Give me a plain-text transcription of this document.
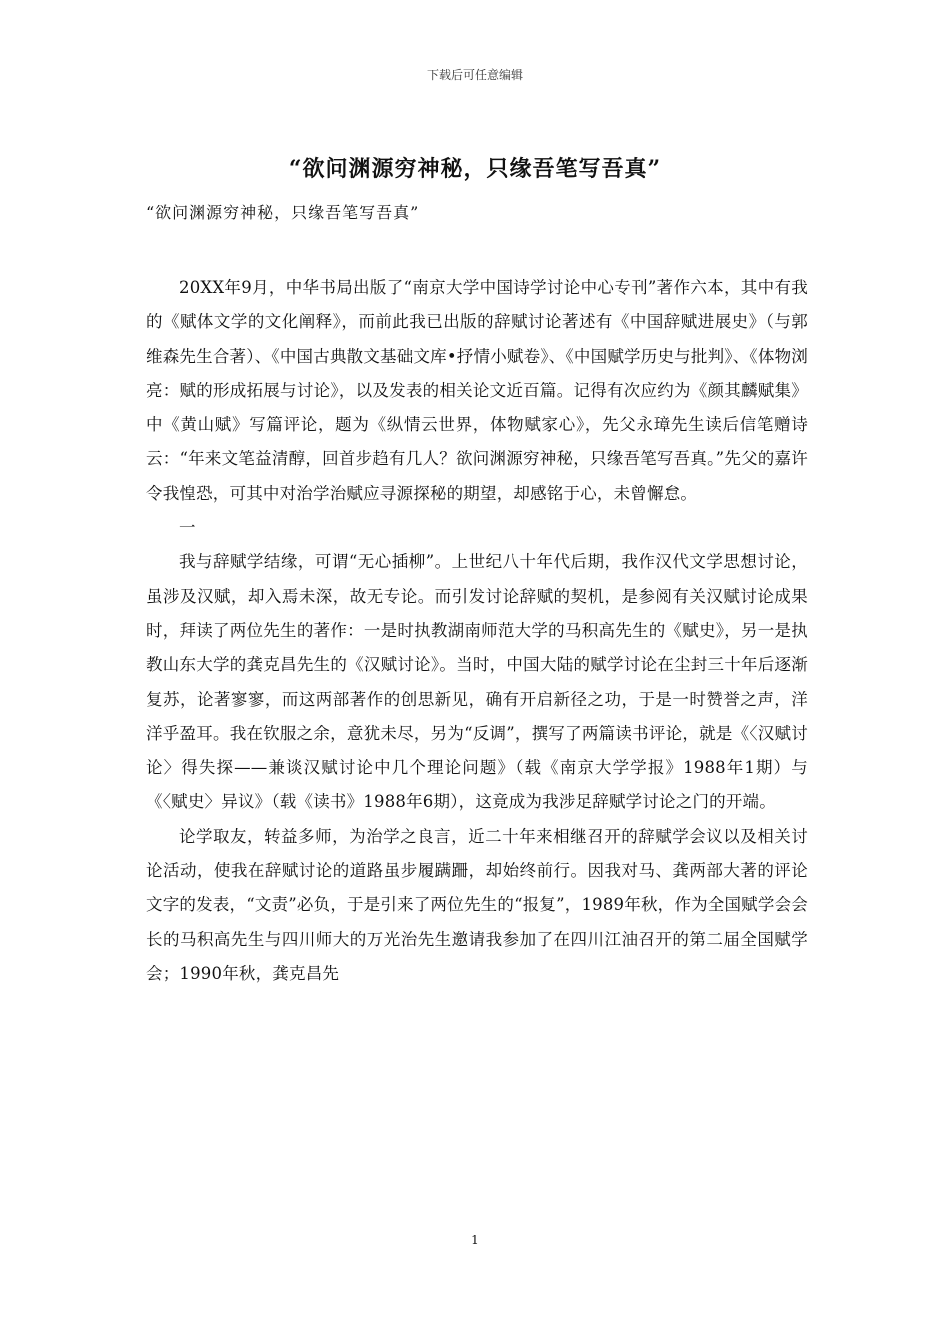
下载后可任意编辑
“欲问渊源穷神秘，只缘吾笔写吾真”
“欲问渊源穷神秘，只缘吾笔写吾真”

20XX年9月，中华书局出版了“南京大学中国诗学讨论中心专刊”著作六本，其中有我的《赋体文学的文化阐释》，而前此我已出版的辞赋讨论著述有《中国辞赋进展史》（与郭维森先生合著）、《中国古典散文基础文库•抒情小赋卷》、《中国赋学历史与批判》、《体物浏亮：赋的形成拓展与讨论》，以及发表的相关论文近百篇。记得有次应约为《颜其麟赋集》中《黄山赋》写篇评论，题为《纵情云世界，体物赋家心》，先父永璋先生读后信笔赠诗云：“年来文笔益清醇，回首步趋有几人？欲问渊源穷神秘，只缘吾笔写吾真。”先父的嘉许令我惶恐，可其中对治学治赋应寻源探秘的期望，却感铭于心，未曾懈怠。

一

我与辞赋学结缘，可谓“无心插柳”。上世纪八十年代后期，我作汉代文学思想讨论，虽涉及汉赋，却入焉未深，故无专论。而引发讨论辞赋的契机，是参阅有关汉赋讨论成果时，拜读了两位先生的著作：一是时执教湖南师范大学的马积高先生的《赋史》，另一是执教山东大学的龚克昌先生的《汉赋讨论》。当时，中国大陆的赋学讨论在尘封三十年后逐渐复苏，论著寥寥，而这两部著作的创思新见，确有开启新径之功，于是一时赞誉之声，洋洋乎盈耳。我在钦服之余，意犹未尽，另为“反调”，撰写了两篇读书评论，就是《〈汉赋讨论〉得失探——兼谈汉赋讨论中几个理论问题》（载《南京大学学报》1988年1期）与《〈赋史〉异议》（载《读书》1988年6期），这竟成为我涉足辞赋学讨论之门的开端。

论学取友，转益多师，为治学之良言，近二十年来相继召开的辞赋学会议以及相关讨论活动，使我在辞赋讨论的道路虽步履蹒跚，却始终前行。因我对马、龚两部大著的评论文字的发表，“文责”必负，于是引来了两位先生的“报复”，1989年秋，作为全国赋学会会长的马积高先生与四川师大的万光治先生邀请我参加了在四川江油召开的第二届全国赋学会；1990年秋，龚克昌先

1
